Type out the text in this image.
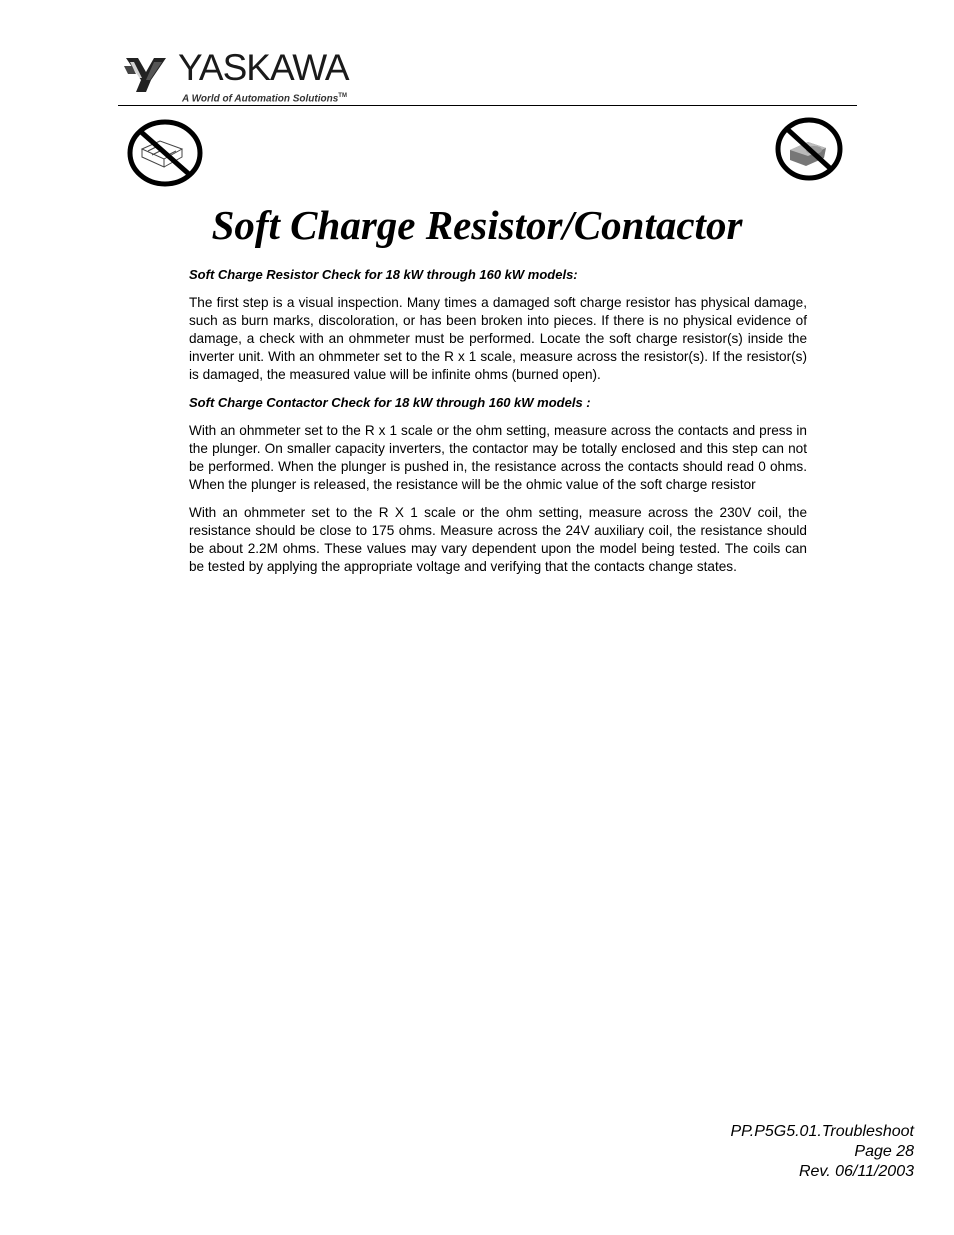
YASKAWA
A World of Automation Solutions™
Soft Charge Resistor/Contactor
Soft Charge Resistor Check for 18 kW through 160 kW models:

The first step is a visual inspection. Many times a damaged soft charge resistor has physical damage, such as burn marks, discoloration, or has been broken into pieces. If there is no physical evidence of damage, a check with an ohmmeter must be performed. Locate the soft charge resistor(s) inside the inverter unit. With an ohmmeter set to the R x 1 scale, measure across the resistor(s). If the resistor(s) is damaged, the measured value will be infinite ohms (burned open).

Soft Charge Contactor Check for 18 kW through 160 kW models :

With an ohmmeter set to the R x 1 scale or the ohm setting, measure across the contacts and press in the plunger. On smaller capacity inverters, the contactor may be totally enclosed and this step can not be performed. When the plunger is pushed in, the resistance across the contacts should read 0 ohms. When the plunger is released, the resistance will be the ohmic value of the soft charge resistor

With an ohmmeter set to the R X 1 scale or the ohm setting, measure across the 230V coil, the resistance should be close to 175 ohms. Measure across the 24V auxiliary coil, the resistance should be about 2.2M ohms. These values may vary dependent upon the model being tested. The coils can be tested by applying the appropriate voltage and verifying that the contacts change states.

PP.P5G5.01.Troubleshoot
Page 28
Rev. 06/11/2003
